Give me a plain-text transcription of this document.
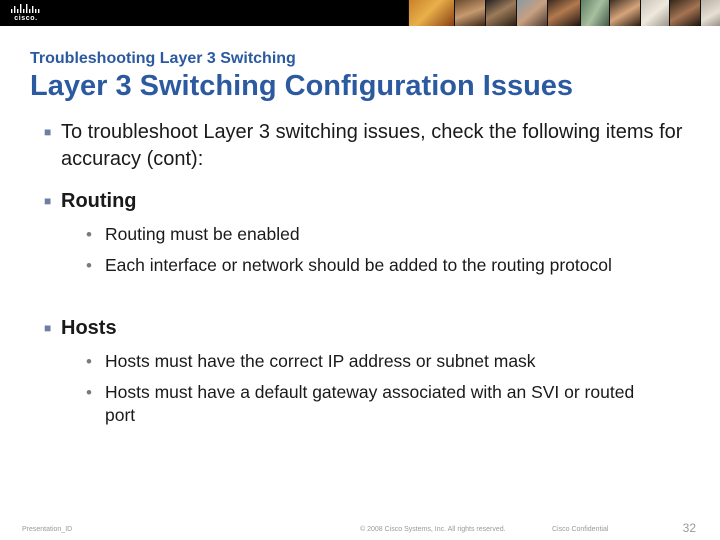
cisco.
Troubleshooting Layer 3 Switching
Layer 3 Switching Configuration Issues
■ To troubleshoot Layer 3 switching issues, check the following items for accuracy (cont):
■ Routing
• Routing must be enabled
• Each interface or network should be added to the routing protocol
■ Hosts
• Hosts must have the correct IP address or subnet mask
• Hosts must have a default gateway associated with an SVI or routed port
Presentation_ID	© 2008 Cisco Systems, Inc. All rights reserved.	Cisco Confidential	32
